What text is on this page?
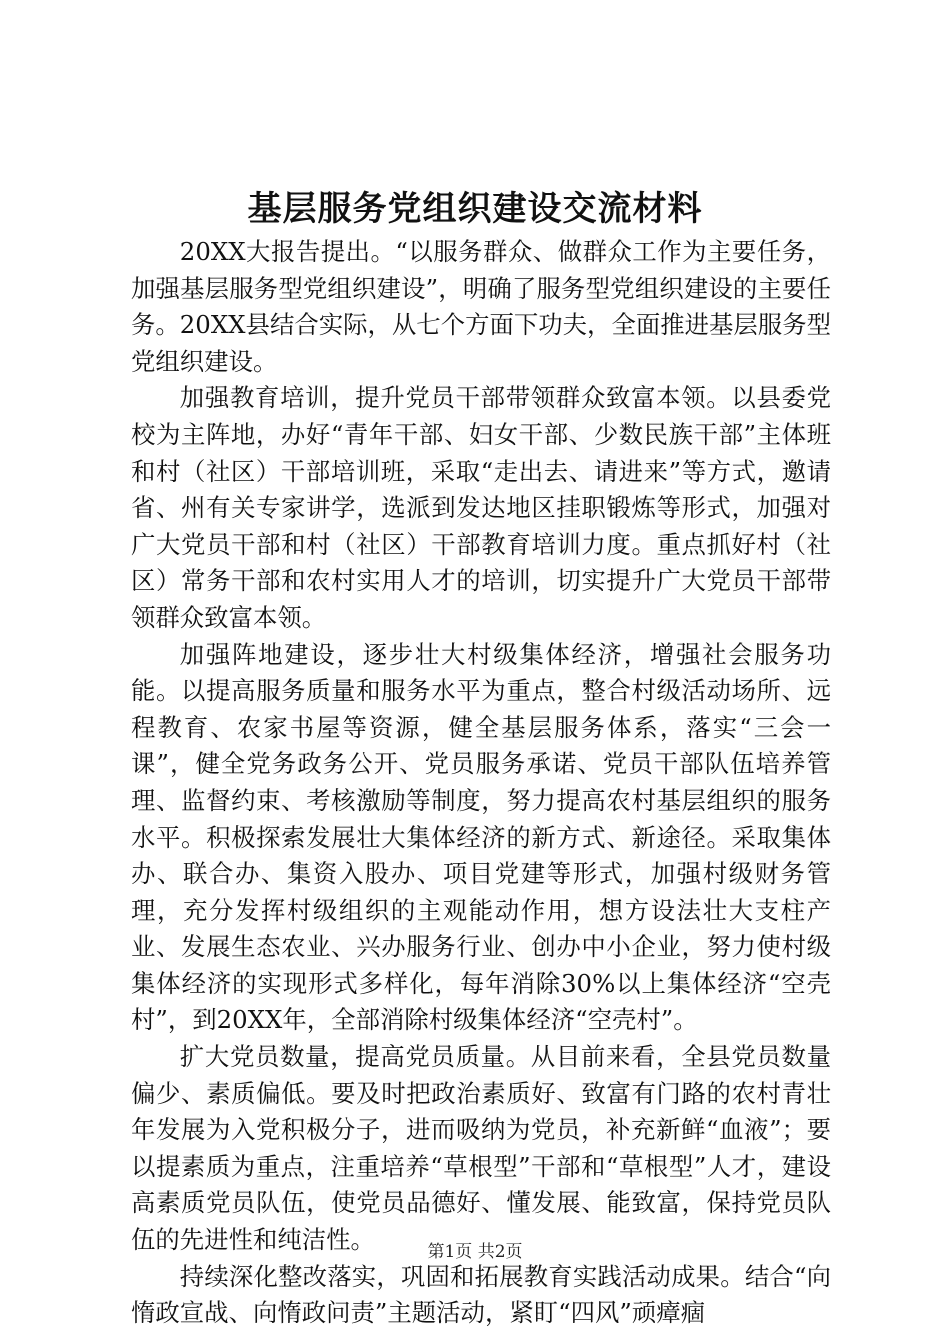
基层服务党组织建设交流材料

20XX大报告提出。“以服务群众、做群众工作为主要任务，加强基层服务型党组织建设”，明确了服务型党组织建设的主要任务。20XX县结合实际，从七个方面下功夫，全面推进基层服务型党组织建设。

加强教育培训，提升党员干部带领群众致富本领。以县委党校为主阵地，办好“青年干部、妇女干部、少数民族干部”主体班和村（社区）干部培训班，采取“走出去、请进来”等方式，邀请省、州有关专家讲学，选派到发达地区挂职锻炼等形式，加强对广大党员干部和村（社区）干部教育培训力度。重点抓好村（社区）常务干部和农村实用人才的培训，切实提升广大党员干部带领群众致富本领。

加强阵地建设，逐步壮大村级集体经济，增强社会服务功能。以提高服务质量和服务水平为重点，整合村级活动场所、远程教育、农家书屋等资源，健全基层服务体系，落实“三会一课”，健全党务政务公开、党员服务承诺、党员干部队伍培养管理、监督约束、考核激励等制度，努力提高农村基层组织的服务水平。积极探索发展壮大集体经济的新方式、新途径。采取集体办、联合办、集资入股办、项目党建等形式，加强村级财务管理，充分发挥村级组织的主观能动作用，想方设法壮大支柱产业、发展生态农业、兴办服务行业、创办中小企业，努力使村级集体经济的实现形式多样化，每年消除30%以上集体经济“空壳村”，到20XX年，全部消除村级集体经济“空壳村”。

扩大党员数量，提高党员质量。从目前来看，全县党员数量偏少、素质偏低。要及时把政治素质好、致富有门路的农村青壮年发展为入党积极分子，进而吸纳为党员，补充新鲜“血液”；要以提素质为重点，注重培养“草根型”干部和“草根型”人才，建设高素质党员队伍，使党员品德好、懂发展、能致富，保持党员队伍的先进性和纯洁性。

持续深化整改落实，巩固和拓展教育实践活动成果。结合“向惰政宣战、向惰政问责”主题活动，紧盯“四风”顽瘴痼

第1页 共2页
